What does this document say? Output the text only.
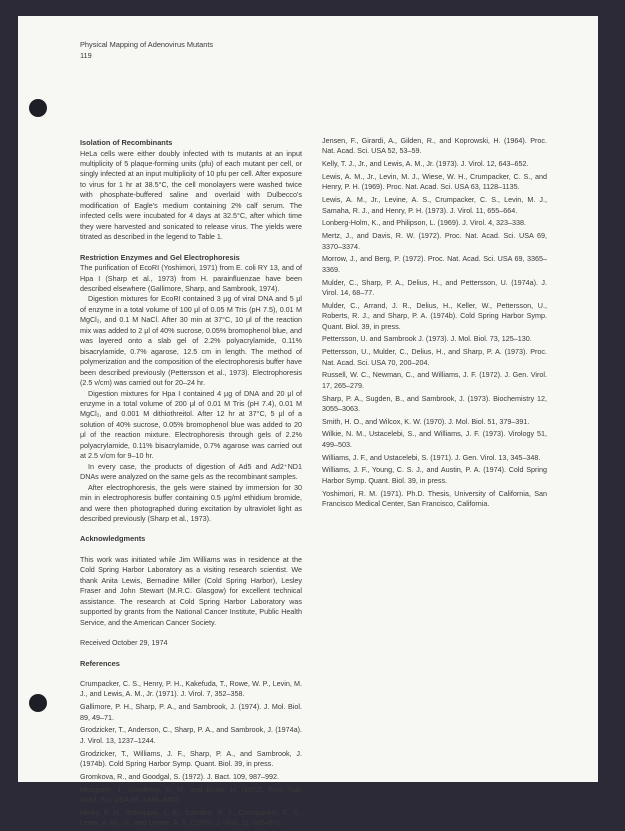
Physical Mapping of Adenovirus Mutants
119
Isolation of Recombinants

HeLa cells were either doubly infected with ts mutants at an input multiplicity of 5 plaque-forming units (pfu) of each mutant per cell, or singly infected at an input multiplicity of 10 pfu per cell. After exposure to virus for 1 hr at 38.5°C, the cell monolayers were washed twice with phosphate-buffered saline and overlaid with Dulbecco's modification of Eagle's medium containing 2% calf serum. The infected cells were incubated for 4 days at 32.5°C, after which time they were harvested and sonicated to release virus. The yields were titrated as described in the legend to Table 1.

Restriction Enzymes and Gel Electrophoresis

The purification of EcoRI (Yoshimori, 1971) from E. coli RY 13, and of Hpa I (Sharp et al., 1973) from H. parainfluenzae have been described elsewhere (Gallimore, Sharp, and Sambrook, 1974).

Digestion mixtures for EcoRI contained 3 μg of viral DNA and 5 μl of enzyme in a total volume of 100 μl of 0.05 M Tris (pH 7.5), 0.01 M MgCl₂, and 0.1 M NaCl. After 30 min at 37°C, 10 μl of the reaction mix was added to 2 μl of 40% sucrose, 0.05% bromophenol blue, and was layered onto a slab gel of 2.2% polyacrylamide, 0.11% bisacrylamide, 0.7% agarose, 12.5 cm in length. The method of polymerization and the composition of the electrophoresis buffer have been described previously (Pettersson et al., 1973). Electrophoresis (2.5 v/cm) was carried out for 20–24 hr.

Digestion mixtures for Hpa I contained 4 μg of DNA and 20 μl of enzyme in a total volume of 200 μl of 0.01 M Tris (pH 7.4), 0.01 M MgCl₂, and 0.001 M dithiothreitol. After 12 hr at 37°C, 5 μl of a solution of 40% sucrose, 0.05% bromophenol blue was added to 20 μl of the reaction mixture. Electrophoresis through gels of 2.2% polyacrylamide, 0.11% bisacrylamide, 0.7% agarose was carried out at 2.5 v/cm for 9–10 hr.

In every case, the products of digestion of Ad5 and Ad2⁺ND1 DNAs were analyzed on the same gels as the recombinant samples.

After electrophoresis, the gels were stained by immersion for 30 min in electrophoresis buffer containing 0.5 μg/ml ethidium bromide, and were then photographed during excitation by ultraviolet light as described previously (Sharp et al., 1973).

Acknowledgments

This work was initiated while Jim Williams was in residence at the Cold Spring Harbor Laboratory as a visiting research scientist. We thank Anita Lewis, Bernadine Miller (Cold Spring Harbor), Lesley Fraser and John Stewart (M.R.C. Glasgow) for excellent technical assistance. The research at Cold Spring Harbor Laboratory was supported by grants from the National Cancer Institute, Public Health Service, and the American Cancer Society.

Received October 29, 1974

References

Crumpacker, C. S., Henry, P. H., Kakefuda, T., Rowe, W. P., Levin, M. J., and Lewis, A. M., Jr. (1971). J. Virol. 7, 352–358.

Gallimore, P. H., Sharp, P. A., and Sambrook, J. (1974). J. Mol. Biol. 89, 49–71.

Grodzicker, T., Anderson, C., Sharp, P. A., and Sambrook, J. (1974a). J. Virol. 13, 1237–1244.

Grodzicker, T., Williams, J. F., Sharp, P. A., and Sambrook, J. (1974b). Cold Spring Harbor Symp. Quant. Biol. 39, in press.

Gromkova, R., and Goodgal, S. (1972). J. Bact. 109, 987–992.

Hedgpeth, J., Goodman, H. M., and Boyer, H. (1972). Proc. Nat. Acad. Sci. USA 69, 3448–3452.

Henry, P. H., Schnipper, L. E., Samaha, R. J., Crumpacker, C. S., Lewis, A. M., Jr., and Levine, A. S. (1973). J. Virol. 11, 665–671.

Jensen, F., Girardi, A., Gilden, R., and Koprowski, H. (1964). Proc. Nat. Acad. Sci. USA 52, 53–59.

Kelly, T. J., Jr., and Lewis, A. M., Jr. (1973). J. Virol. 12, 643–652.

Lewis, A. M., Jr., Levin, M. J., Wiese, W. H., Crumpacker, C. S., and Henry, P. H. (1969). Proc. Nat. Acad. Sci. USA 63, 1128–1135.

Lewis, A. M., Jr., Levine, A. S., Crumpacker, C. S., Levin, M. J., Samaha, R. J., and Henry, P. H. (1973). J. Virol. 11, 655–664.

Lonberg-Holm, K., and Philipson, L. (1969). J. Virol. 4, 323–338.

Mertz, J., and Davis, R. W. (1972). Proc. Nat. Acad. Sci. USA 69, 3370–3374.

Morrow, J., and Berg, P. (1972). Proc. Nat. Acad. Sci. USA 69, 3365–3369.

Mulder, C., Sharp, P. A., Delius, H., and Pettersson, U. (1974a). J. Virol. 14, 68–77.

Mulder, C., Arrand, J. R., Delius, H., Keller, W., Pettersson, U., Roberts, R. J., and Sharp, P. A. (1974b). Cold Spring Harbor Symp. Quant. Biol. 39, in press.

Pettersson, U. and Sambrook J. (1973). J. Mol. Biol. 73, 125–130.

Pettersson, U., Mulder, C., Delius, H., and Sharp, P. A. (1973). Proc. Nat. Acad. Sci. USA 70, 200–204.

Russell, W. C., Newman, C., and Williams, J. F. (1972). J. Gen. Virol. 17, 265–279.

Sharp, P. A., Sugden, B., and Sambrook, J. (1973). Biochemistry 12, 3055–3063.

Smith, H. O., and Wilcox, K. W. (1970). J. Mol. Biol. 51, 379–391.

Wilkie, N. M., Ustacelebi, S., and Williams, J. F. (1973). Virology 51, 499–503.

Williams, J. F., and Ustacelebi, S. (1971). J. Gen. Virol. 13, 345–348.

Williams, J. F., Young, C. S. J., and Austin, P. A. (1974). Cold Spring Harbor Symp. Quant. Biol. 39, in press.

Yoshimori, R. M. (1971). Ph.D. Thesis, University of California, San Francisco Medical Center, San Francisco, California.
